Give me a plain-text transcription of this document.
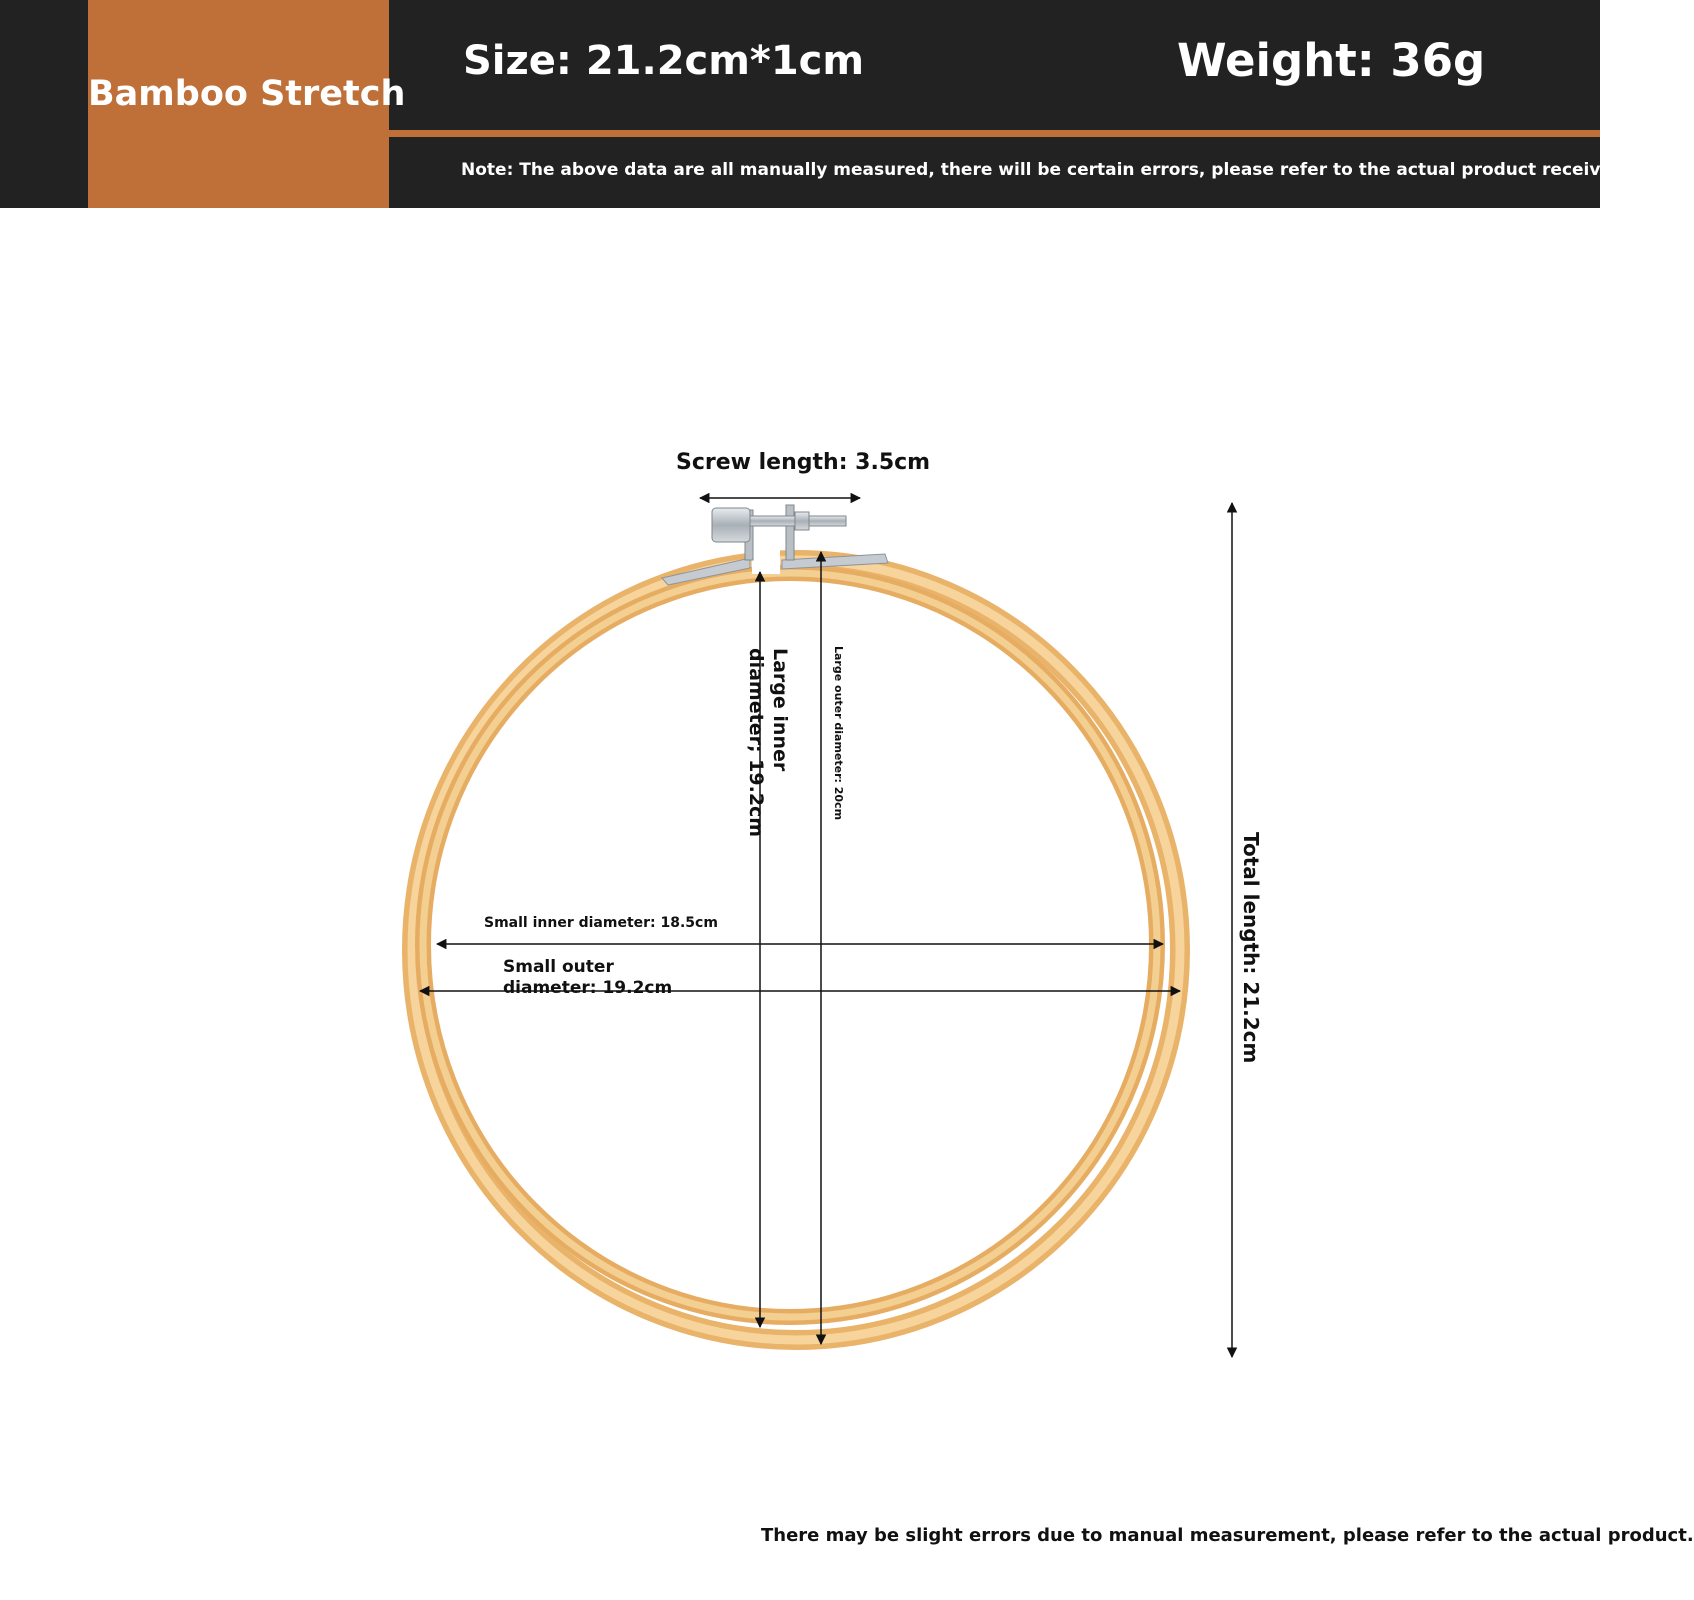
Bamboo Stretch
Size: 21.2cm*1cm	Weight: 36g
Note: The above data are all manually measured, there will be certain errors, please refer to the actual product received!
Screw length: 3.5cm
Large inner diameter; 19.2cm	Large outer diameter: 20cm
Small inner diameter: 18.5cm
Small outer diameter: 19.2cm	Total length: 21.2cm
There may be slight errors due to manual measurement, please refer to the actual product.
